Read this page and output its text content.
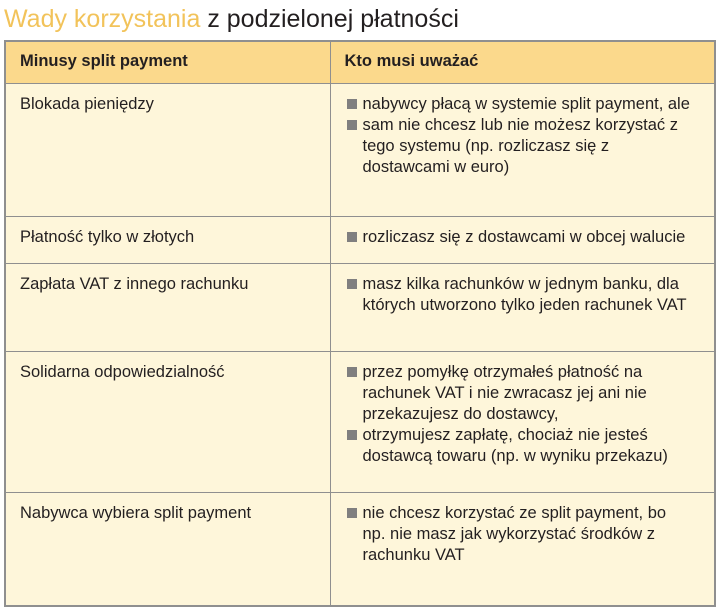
Wady korzystania z podzielonej płatności
Minusy split payment	Kto musi uważać
Blokada pieniędzy	nabywcy płacą w systemie split payment, ale
sam nie chcesz lub nie możesz korzystać z tego systemu (np. rozliczasz się z dostawcami w euro)

Płatność tylko w złotych	rozliczasz się z dostawcami w obcej walucie

Zapłata VAT z innego rachunku	masz kilka rachunków w jednym banku, dla których utworzono tylko jeden rachunek VAT

Solidarna odpowiedzialność	przez pomyłkę otrzymałeś płatność na rachunek VAT i nie zwracasz jej ani nie przekazujesz do dostawcy,
otrzymujesz zapłatę, chociaż nie jesteś dostawcą towaru (np. w wyniku przekazu)

Nabywca wybiera split payment	nie chcesz korzystać ze split payment, bo np. nie masz jak wykorzystać środków z rachunku VAT
